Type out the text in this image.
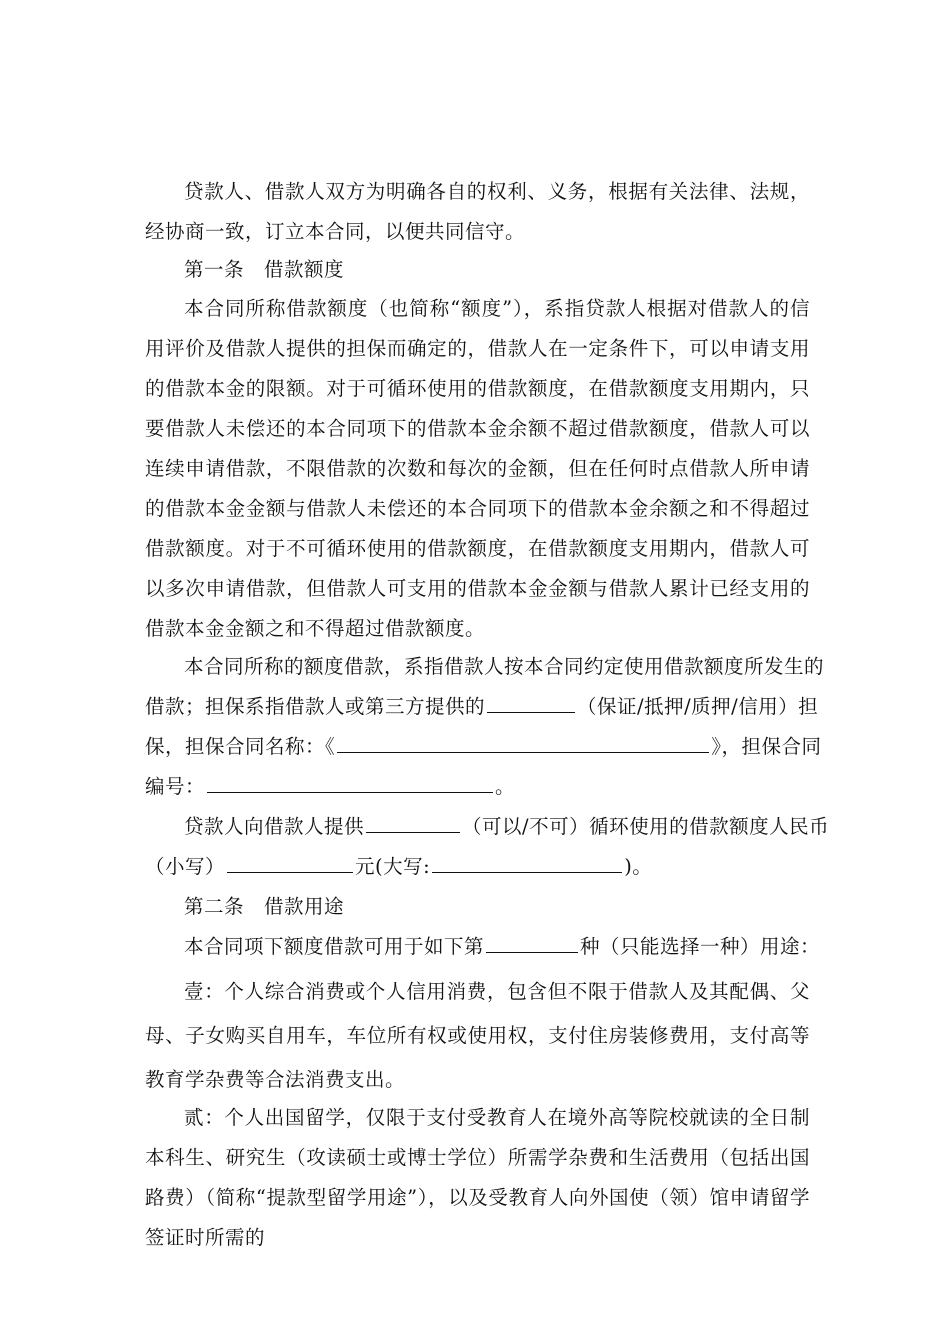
贷款人、借款人双方为明确各自的权利、义务，根据有关法律、法规，经协商一致，订立本合同，以便共同信守。
第一条　借款额度
本合同所称借款额度（也简称“额度”），系指贷款人根据对借款人的信用评价及借款人提供的担保而确定的，借款人在一定条件下，可以申请支用的借款本金的限额。对于可循环使用的借款额度，在借款额度支用期内，只要借款人未偿还的本合同项下的借款本金余额不超过借款额度，借款人可以连续申请借款，不限借款的次数和每次的金额，但在任何时点借款人所申请的借款本金金额与借款人未偿还的本合同项下的借款本金余额之和不得超过借款额度。对于不可循环使用的借款额度，在借款额度支用期内，借款人可以多次申请借款，但借款人可支用的借款本金金额与借款人累计已经支用的借款本金金额之和不得超过借款额度。
本合同所称的额度借款，系指借款人按本合同约定使用借款额度所发生的
借款；担保系指借款人或第三方提供的	（保证/抵押/质押/信用）担
保，担保合同名称：《	》，担保合同
编号：	。
贷款人向借款人提供	（可以/不可）循环使用的借款额度人民币
（小写）	元(大写:	)。
第二条　借款用途
本合同项下额度借款可用于如下第	种（只能选择一种）用途：
壹：个人综合消费或个人信用消费，包含但不限于借款人及其配偶、父母、子女购买自用车，车位所有权或使用权，支付住房装修费用，支付高等教育学杂费等合法消费支出。
贰：个人出国留学，仅限于支付受教育人在境外高等院校就读的全日制本科生、研究生（攻读硕士或博士学位）所需学杂费和生活费用（包括出国路费）（简称“提款型留学用途”），以及受教育人向外国使（领）馆申请留学签证时所需的
